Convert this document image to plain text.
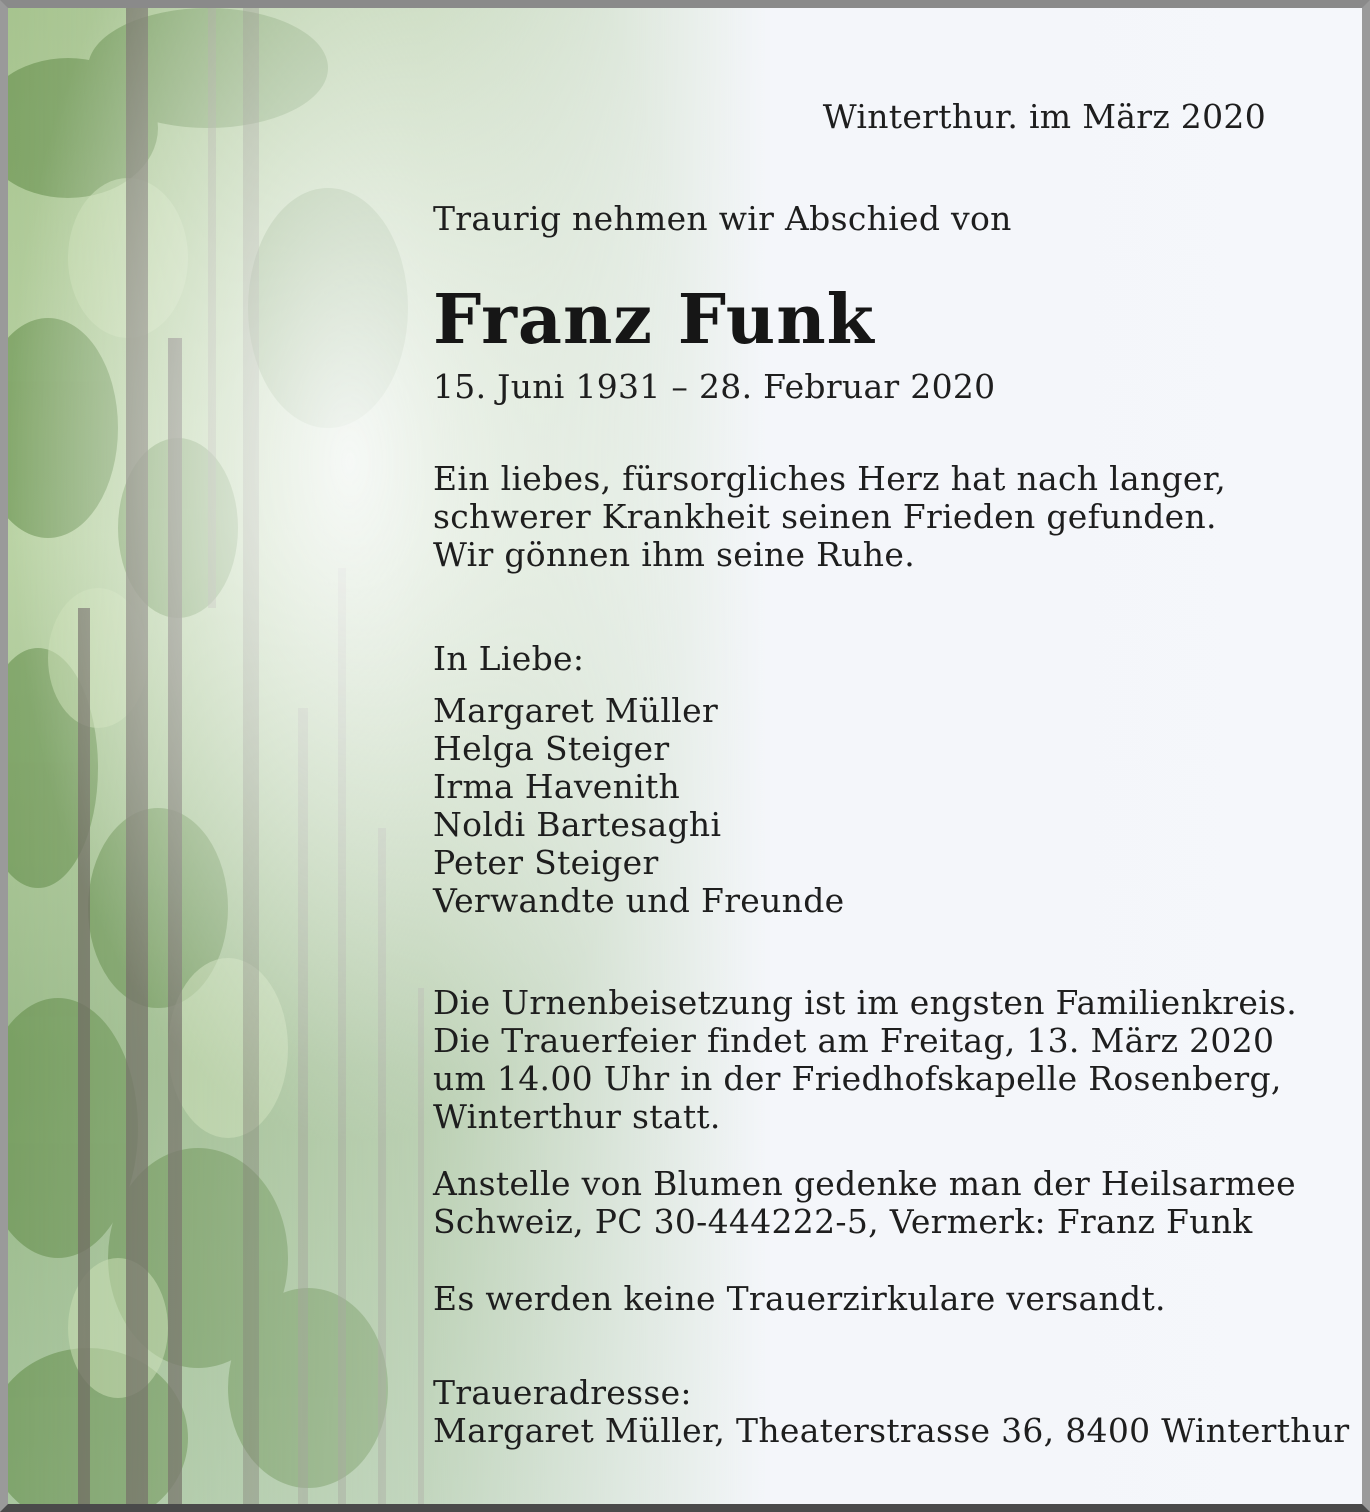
Winterthur. im März 2020
Traurig nehmen wir Abschied von
Franz Funk
15. Juni 1931 – 28. Februar 2020
Ein liebes, fürsorgliches Herz hat nach langer,
schwerer Krankheit seinen Frieden gefunden.
Wir gönnen ihm seine Ruhe.
In Liebe:
Margaret Müller
Helga Steiger
Irma Havenith
Noldi Bartesaghi
Peter Steiger
Verwandte und Freunde
Die Urnenbeisetzung ist im engsten Familienkreis.
Die Trauerfeier findet am Freitag, 13. März 2020
um 14.00 Uhr in der Friedhofskapelle Rosenberg,
Winterthur statt.
Anstelle von Blumen gedenke man der Heilsarmee
Schweiz, PC 30-444222-5, Vermerk: Franz Funk
Es werden keine Trauerzirkulare versandt.
Traueradresse:
Margaret Müller, Theaterstrasse 36, 8400 Winterthur
